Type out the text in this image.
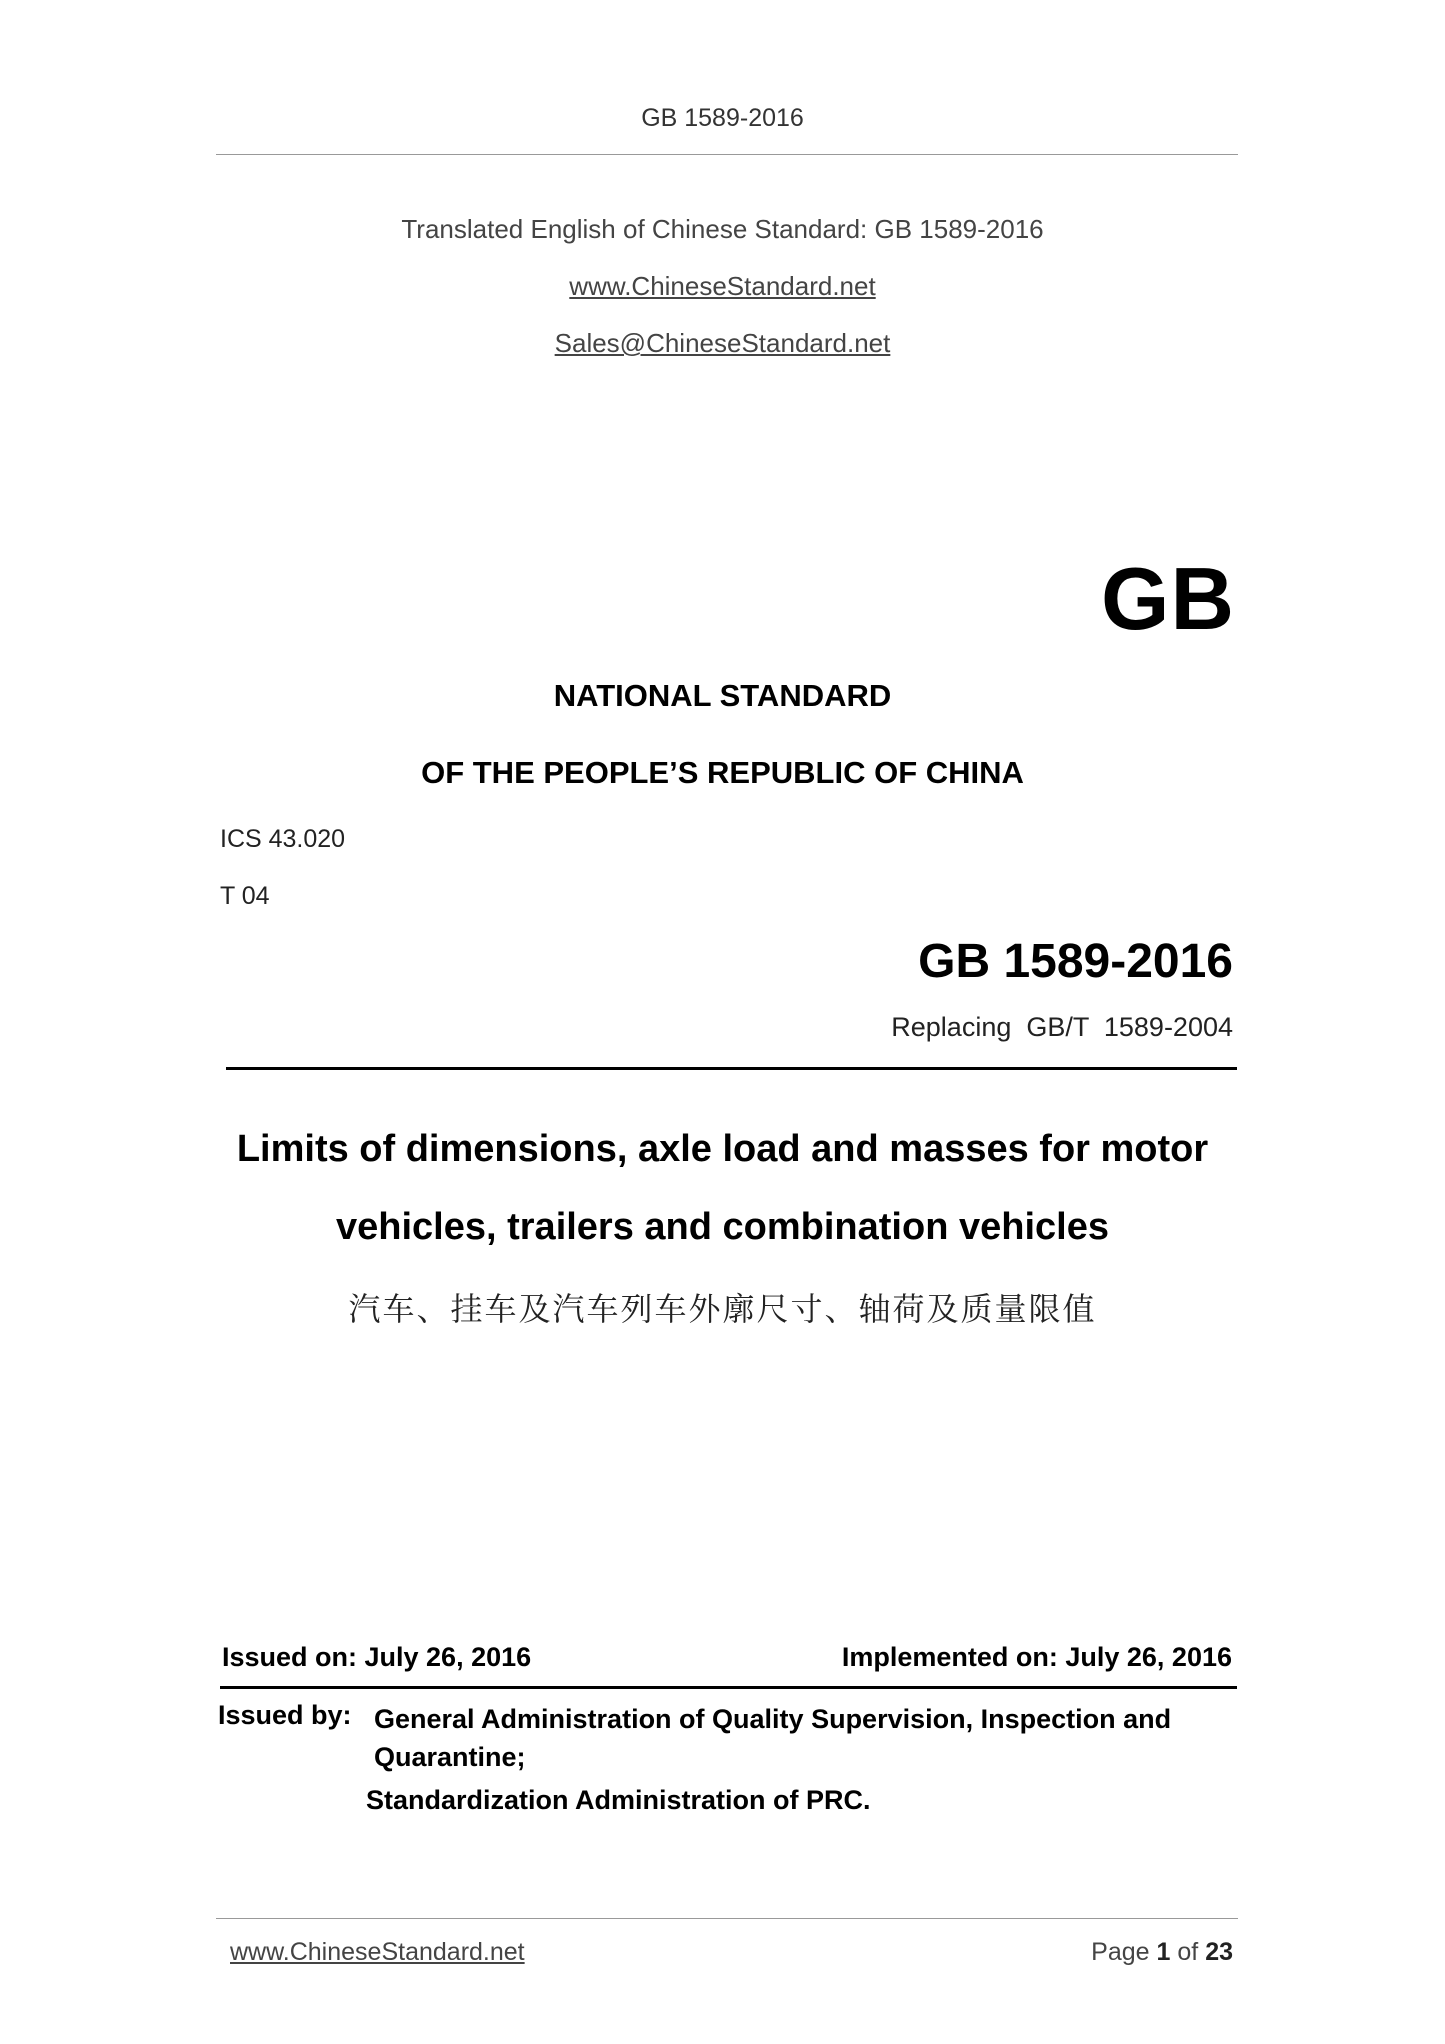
GB 1589-2016
Translated English of Chinese Standard: GB 1589-2016
www.ChineseStandard.net
Sales@ChineseStandard.net
GB
NATIONAL STANDARD
OF THE PEOPLE’S REPUBLIC OF CHINA
ICS 43.020
T 04
GB 1589-2016
Replacing  GB/T  1589-2004
Limits of dimensions, axle load and masses for motor
vehicles, trailers and combination vehicles
汽车、挂车及汽车列车外廓尺寸、轴荷及质量限值
Issued on: July 26, 2016	Implemented on: July 26, 2016
Issued by: General Administration of Quality Supervision, Inspection and Quarantine;
Standardization Administration of PRC.
www.ChineseStandard.net	Page 1 of 23
